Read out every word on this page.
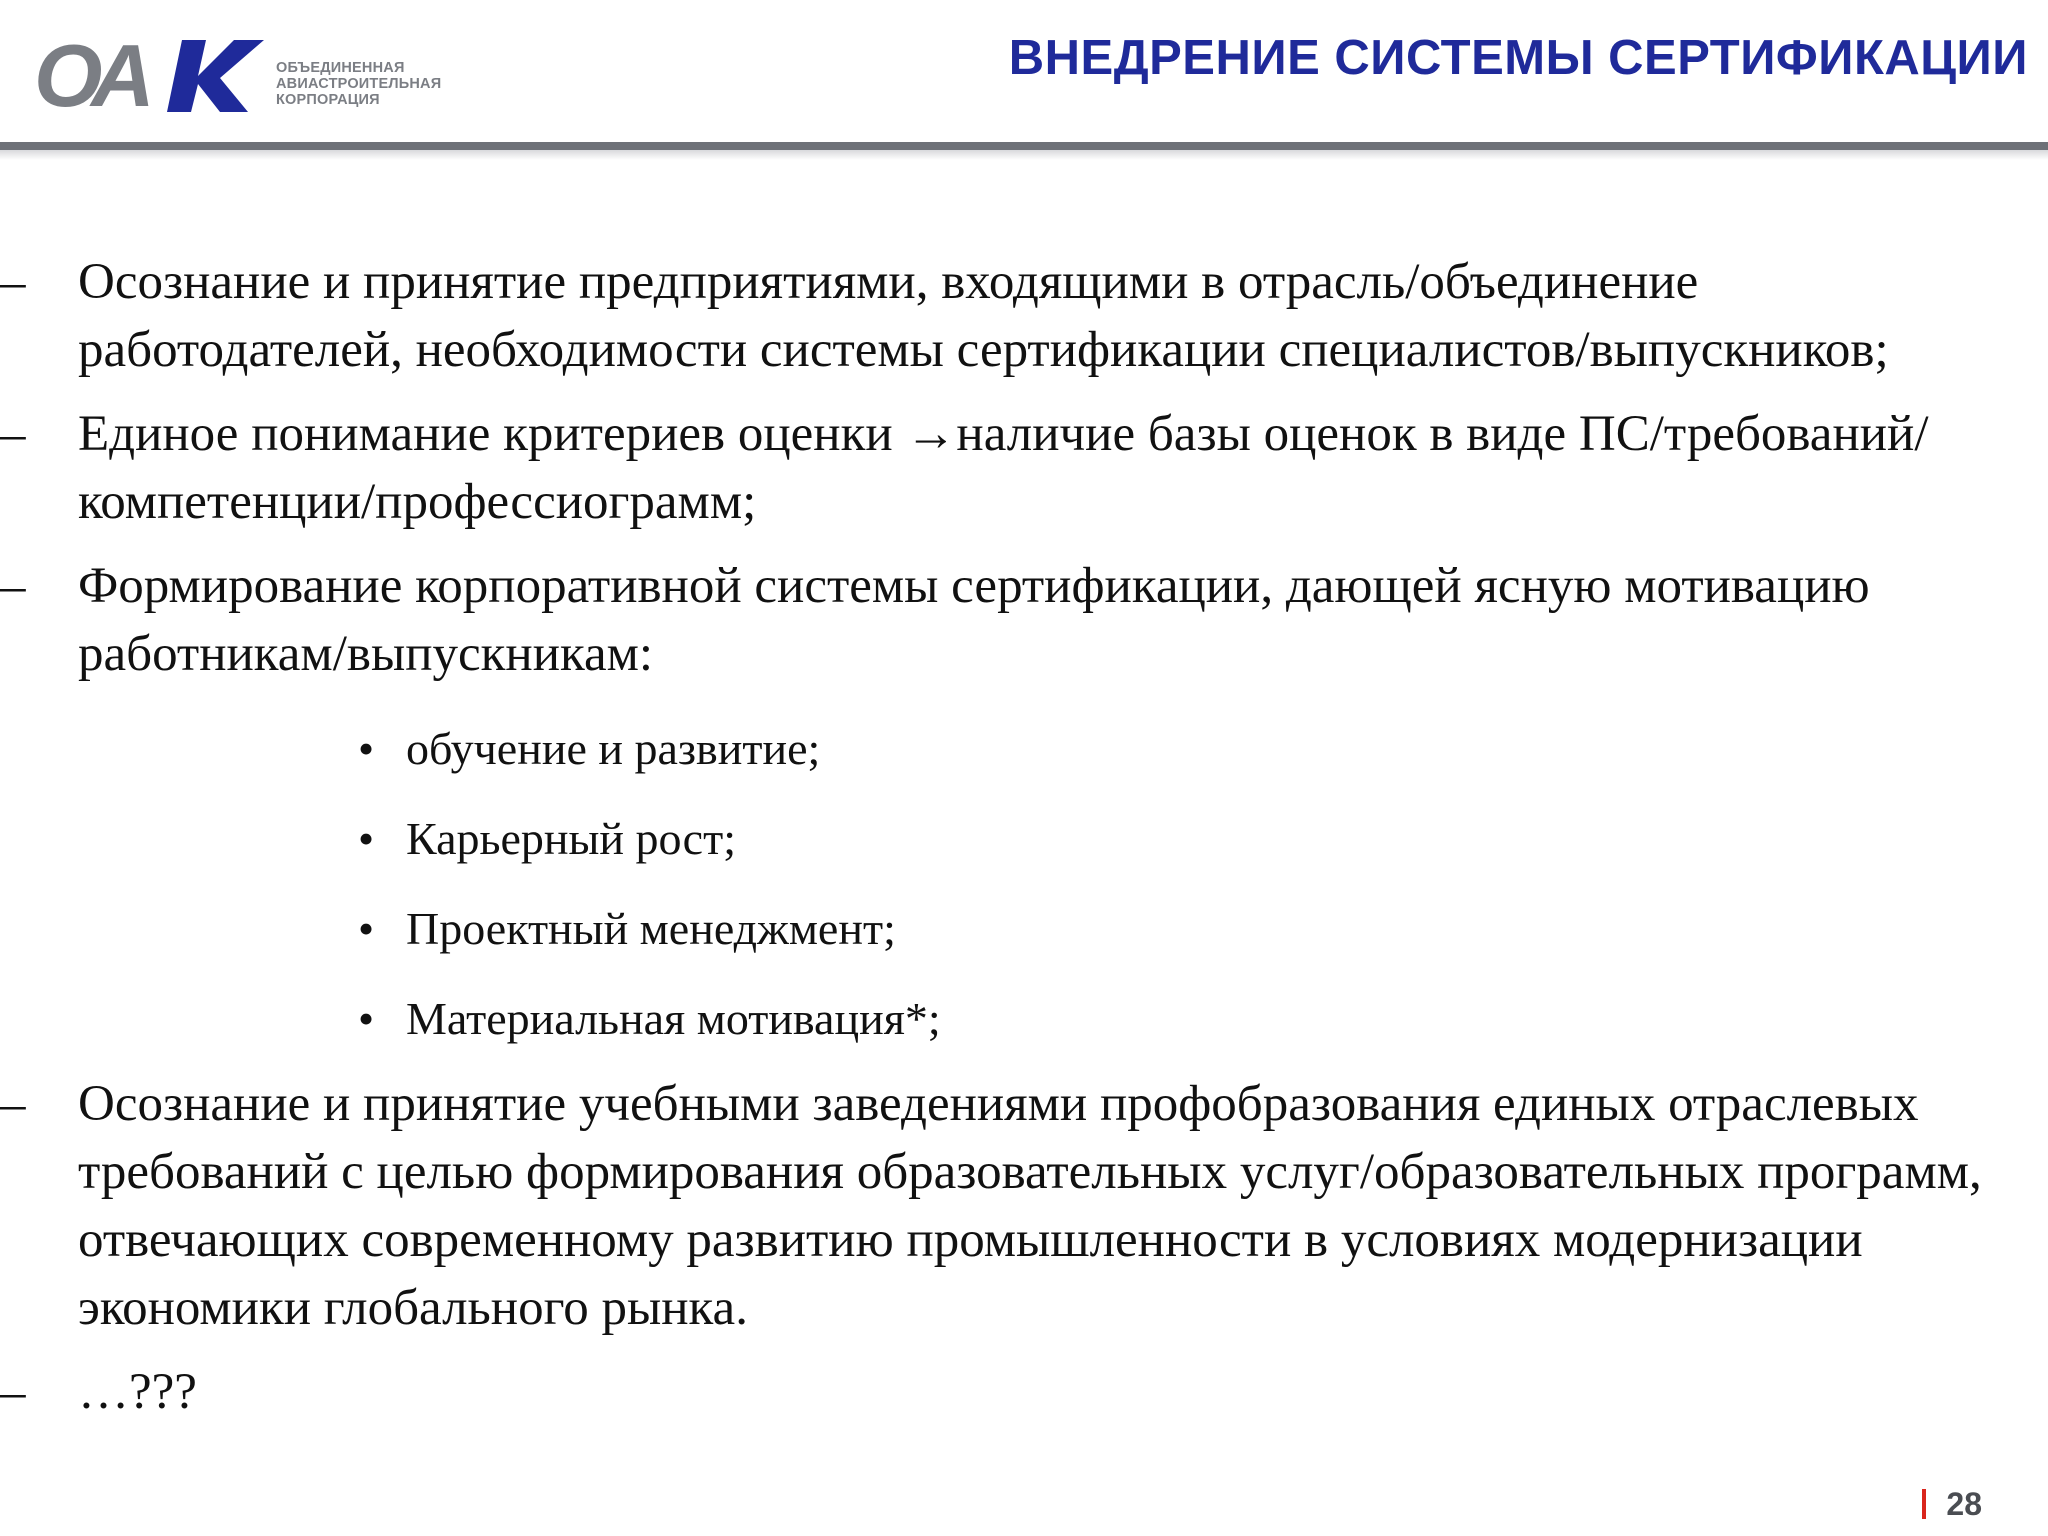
ОА	ОБЪЕДИНЕННАЯ
АВИАСТРОИТЕЛЬНАЯ
КОРПОРАЦИЯ
ВНЕДРЕНИЕ СИСТЕМЫ СЕРТИФИКАЦИИ
– Осознание и принятие предприятиями, входящими в отрасль/объединение работодателей, необходимости системы сертификации специалистов/выпускников;
– Единое понимание критериев оценки →наличие базы оценок в виде ПС/требований/компетенции/профессиограмм;
– Формирование корпоративной системы сертификации, дающей ясную мотивацию работникам/выпускникам:
• обучение и развитие;
• Карьерный рост;
• Проектный менеджмент;
• Материальная мотивация*;
– Осознание и принятие учебными заведениями профобразования единых отраслевых требований с целью формирования образовательных услуг/образовательных программ, отвечающих современному развитию промышленности в условиях модернизации экономики глобального рынка.
– …???
28
